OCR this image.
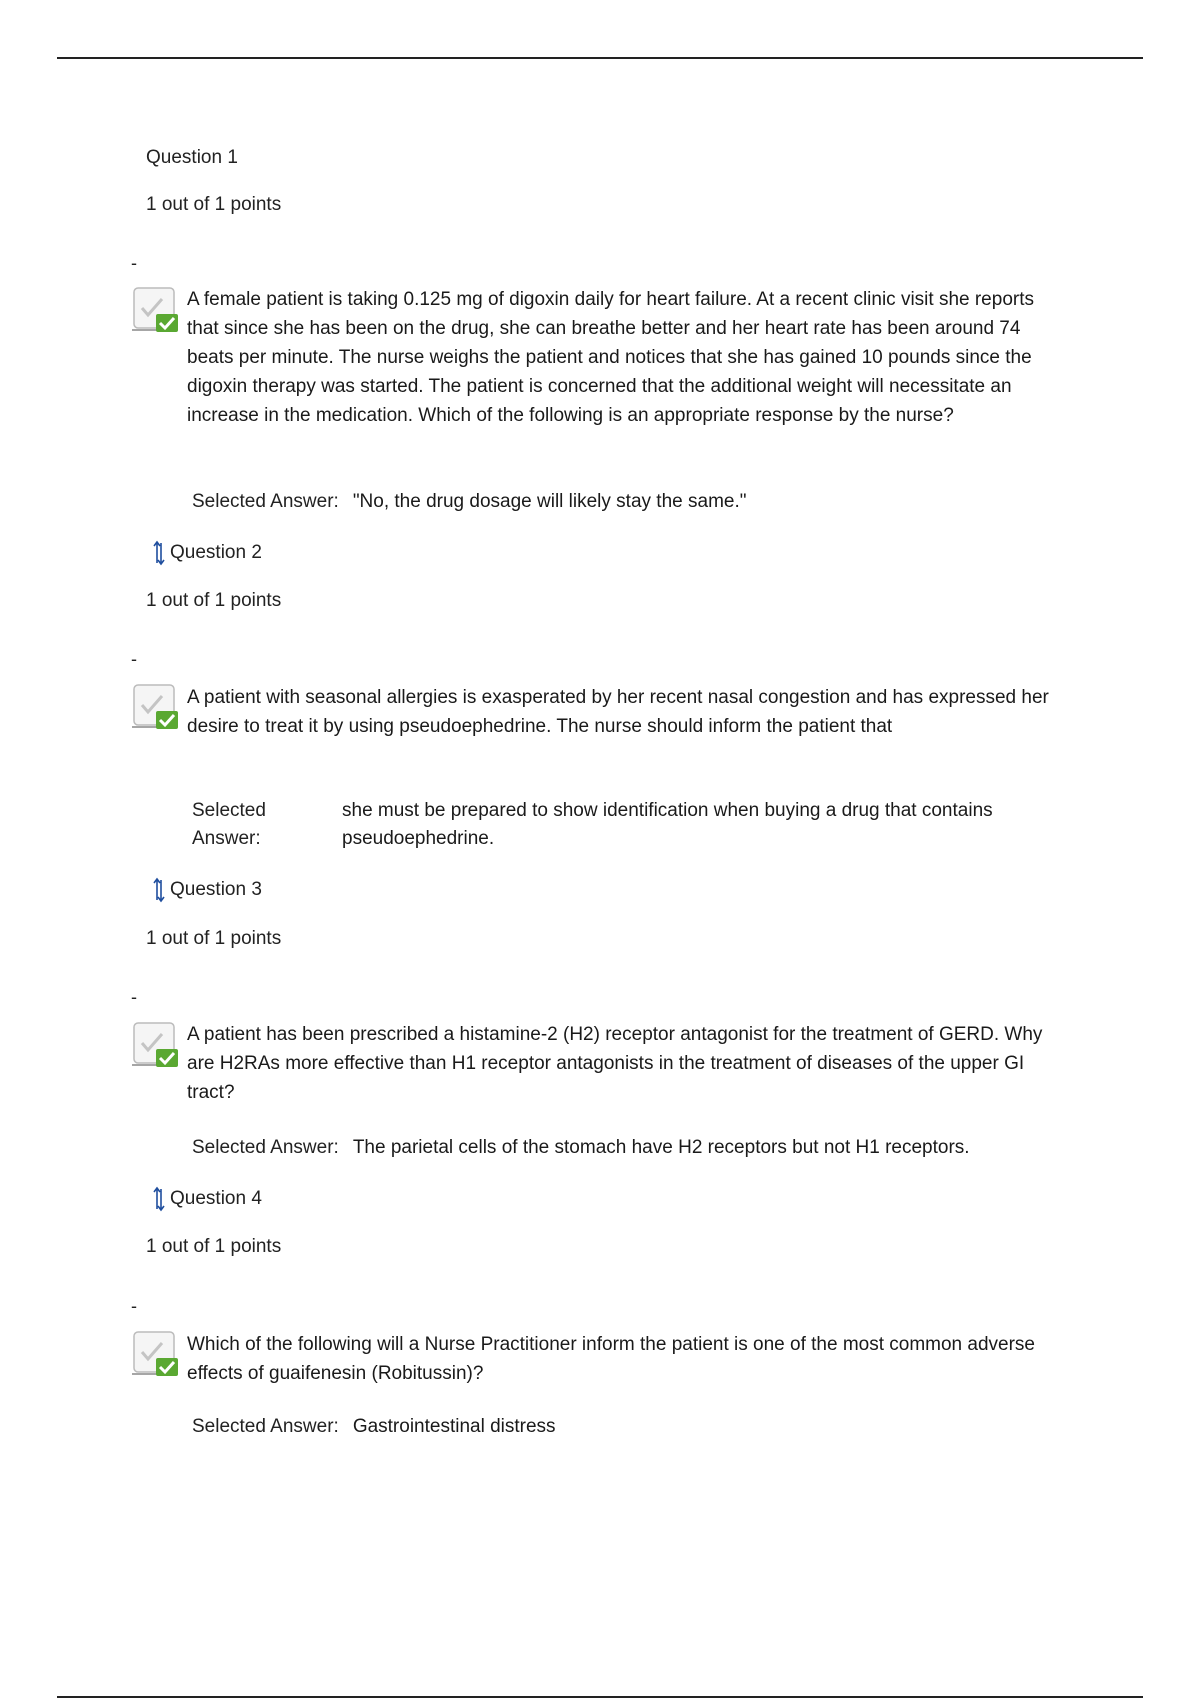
Question 1
1 out of 1 points
-

A female patient is taking 0.125 mg of digoxin daily for heart failure. At a recent clinic visit she reports that since she has been on the drug, she can breathe better and her heart rate has been around 74 beats per minute. The nurse weighs the patient and notices that she has gained 10 pounds since the digoxin therapy was started. The patient is concerned that the additional weight will necessitate an increase in the medication. Which of the following is an appropriate response by the nurse?

Selected Answer: "No, the drug dosage will likely stay the same."
Question 2
1 out of 1 points
-

A patient with seasonal allergies is exasperated by her recent nasal congestion and has expressed her desire to treat it by using pseudoephedrine. The nurse should inform the patient that

Selected Answer:
she must be prepared to show identification when buying a drug that contains pseudoephedrine.
Question 3
1 out of 1 points
-

A patient has been prescribed a histamine-2 (H2) receptor antagonist for the treatment of GERD. Why are H2RAs more effective than H1 receptor antagonists in the treatment of diseases of the upper GI tract?

Selected Answer: The parietal cells of the stomach have H2 receptors but not H1 receptors.
Question 4
1 out of 1 points
-

Which of the following will a Nurse Practitioner inform the patient is one of the most common adverse effects of guaifenesin (Robitussin)?

Selected Answer: Gastrointestinal distress
